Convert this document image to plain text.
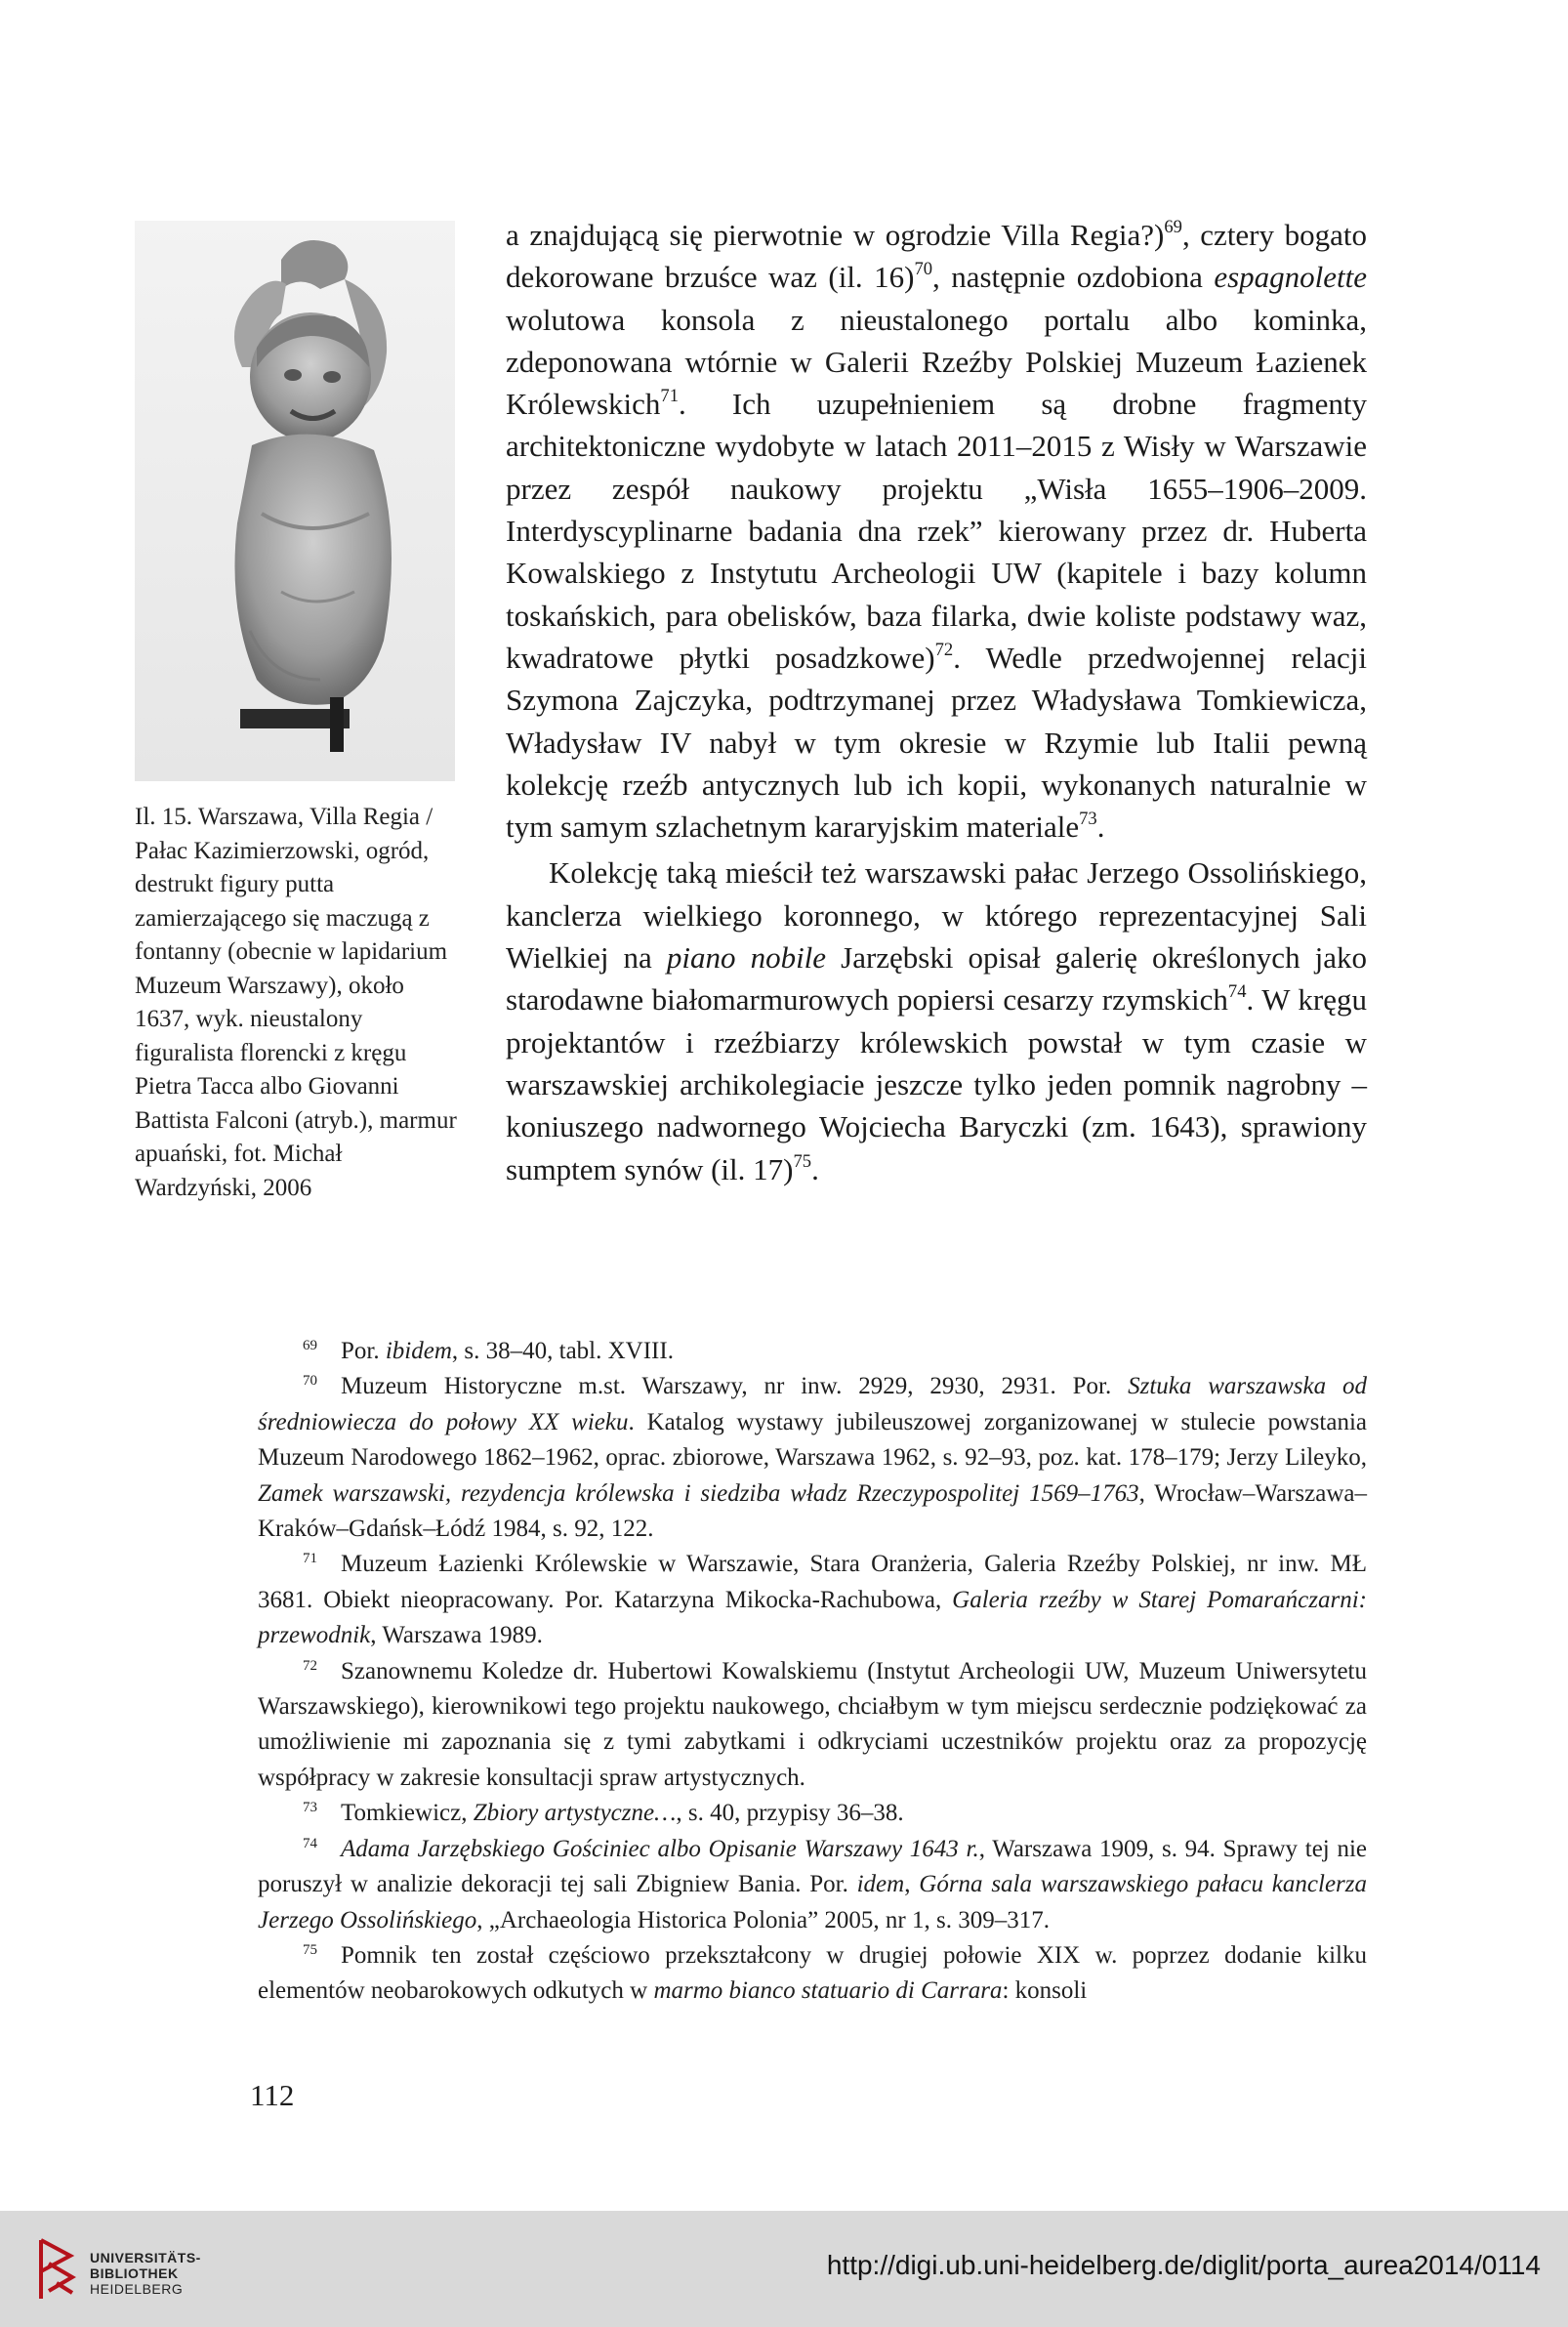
Il. 15. Warszawa, Villa Regia / Pałac Kazimierzowski, ogród, destrukt figury putta zamierzającego się maczugą z fontanny (obecnie w lapidarium Muzeum Warszawy), około 1637, wyk. nieustalony figuralista florencki z kręgu Pietra Tacca albo Giovanni Battista Falconi (atryb.), marmur apuański, fot. Michał Wardzyński, 2006

a znajdującą się pierwotnie w ogrodzie Villa Regia?)$^{69}$, cztery bogato dekorowane brzuśce waz (il. 16)$^{70}$, następnie ozdobiona espagnolette wolutowa konsola z nieustalonego portalu albo kominka, zdeponowana wtórnie w Galerii Rzeźby Polskiej Muzeum Łazienek Królewskich$^{71}$. Ich uzupełnieniem są drobne fragmenty architektoniczne wydobyte w latach 2011–2015 z Wisły w Warszawie przez zespół naukowy projektu „Wisła 1655–1906–2009. Interdyscyplinarne badania dna rzek” kierowany przez dr. Huberta Kowalskiego z Instytutu Archeologii UW (kapitele i bazy kolumn toskańskich, para obelisków, baza filarka, dwie koliste podstawy waz, kwadratowe płytki posadzkowe)$^{72}$. Wedle przedwojennej relacji Szymona Zajczyka, podtrzymanej przez Władysława Tomkiewicza, Władysław IV nabył w tym okresie w Rzymie lub Italii pewną kolekcję rzeźb antycznych lub ich kopii, wykonanych naturalnie w tym samym szlachetnym kararyjskim materiale$^{73}$.

Kolekcję taką mieścił też warszawski pałac Jerzego Ossolińskiego, kanclerza wielkiego koronnego, w którego reprezentacyjnej Sali Wielkiej na piano nobile Jarzębski opisał galerię określonych jako starodawne białomarmurowych popiersi cesarzy rzymskich$^{74}$. W kręgu projektantów i rzeźbiarzy królewskich powstał w tym czasie w warszawskiej archikolegiacie jeszcze tylko jeden pomnik nagrobny – koniuszego nadwornego Wojciecha Baryczki (zm. 1643), sprawiony sumptem synów (il. 17)$^{75}$.

69 Por. ibidem, s. 38–40, tabl. XVIII.

70 Muzeum Historyczne m.st. Warszawy, nr inw. 2929, 2930, 2931. Por. Sztuka warszawska od średniowiecza do połowy XX wieku. Katalog wystawy jubileuszowej zorganizowanej w stulecie powstania Muzeum Narodowego 1862–1962, oprac. zbiorowe, Warszawa 1962, s. 92–93, poz. kat. 178–179; Jerzy Lileyko, Zamek warszawski, rezydencja królewska i siedziba władz Rzeczypospolitej 1569–1763, Wrocław–Warszawa–Kraków–Gdańsk–Łódź 1984, s. 92, 122.

71 Muzeum Łazienki Królewskie w Warszawie, Stara Oranżeria, Galeria Rzeźby Polskiej, nr inw. MŁ 3681. Obiekt nieopracowany. Por. Katarzyna Mikocka-Rachubowa, Galeria rzeźby w Starej Pomarańczarni: przewodnik, Warszawa 1989.

72 Szanownemu Koledze dr. Hubertowi Kowalskiemu (Instytut Archeologii UW, Muzeum Uniwersytetu Warszawskiego), kierownikowi tego projektu naukowego, chciałbym w tym miejscu serdecznie podziękować za umożliwienie mi zapoznania się z tymi zabytkami i odkryciami uczestników projektu oraz za propozycję współpracy w zakresie konsultacji spraw artystycznych.

73 Tomkiewicz, Zbiory artystyczne…, s. 40, przypisy 36–38.

74 Adama Jarzębskiego Gościniec albo Opisanie Warszawy 1643 r., Warszawa 1909, s. 94. Sprawy tej nie poruszył w analizie dekoracji tej sali Zbigniew Bania. Por. idem, Górna sala warszawskiego pałacu kanclerza Jerzego Ossolińskiego, „Archaeologia Historica Polonia” 2005, nr 1, s. 309–317.

75 Pomnik ten został częściowo przekształcony w drugiej połowie XIX w. poprzez dodanie kilku elementów neobarokowych odkutych w marmo bianco statuario di Carrara: konsoli

112
UNIVERSITÄTS-
BIBLIOTHEK
HEIDELBERG
http://digi.ub.uni-heidelberg.de/diglit/porta_aurea2014/0114
